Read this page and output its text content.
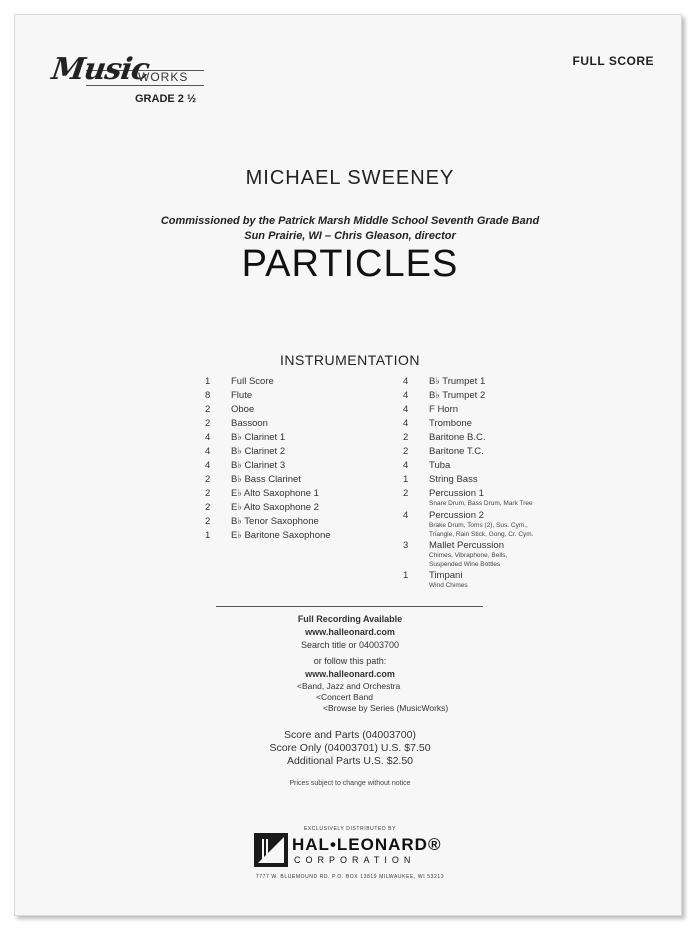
Music
WORKS
GRADE 2 ½
FULL SCORE
MICHAEL SWEENEY
Commissioned by the Patrick Marsh Middle School Seventh Grade Band
Sun Prairie, WI – Chris Gleason, director
PARTICLES
INSTRUMENTATION
1	Full Score
8	Flute
2	Oboe
2	Bassoon
4	B♭ Clarinet 1
4	B♭ Clarinet 2
4	B♭ Clarinet 3
2	B♭ Bass Clarinet
2	E♭ Alto Saxophone 1
2	E♭ Alto Saxophone 2
2	B♭ Tenor Saxophone
1	E♭ Baritone Saxophone
4	B♭ Trumpet 1
4	B♭ Trumpet 2
4	F Horn
4	Trombone
2	Baritone B.C.
2	Baritone T.C.
4	Tuba
1	String Bass
2	Percussion 1
Snare Drum, Bass Drum, Mark Tree
4	Percussion 2
Brake Drum, Toms (2), Sus. Cym.,
Triangle, Rain Stick, Gong, Cr. Cym.
3	Mallet Percussion
Chimes, Vibraphone, Bells,
Suspended Wine Bottles
1	Timpani
Wind Chimes
Full Recording Available
www.halleonard.com
Search title or 04003700
or follow this path:
www.halleonard.com
<Band, Jazz and Orchestra
<Concert Band
<Browse by Series (MusicWorks)
Score and Parts (04003700)
Score Only (04003701) U.S. $7.50
Additional Parts U.S. $2.50
Prices subject to change without notice
EXCLUSIVELY DISTRIBUTED BY
HAL•LEONARD®
CORPORATION
7777 W. BLUEMOUND RD. P.O. BOX 13819 MILWAUKEE, WI 53213
